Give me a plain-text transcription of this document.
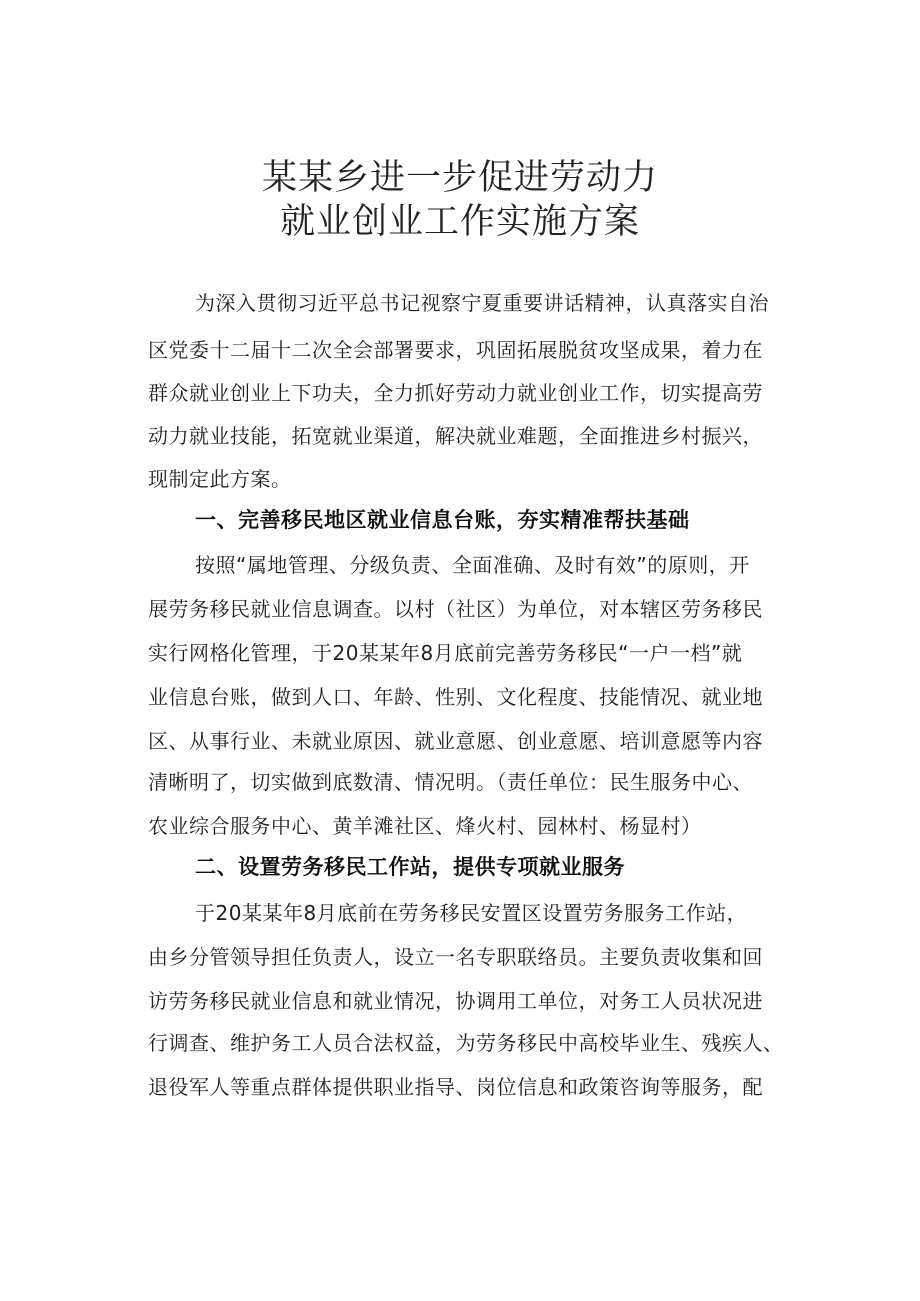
某某乡进一步促进劳动力
就业创业工作实施方案
为深入贯彻习近平总书记视察宁夏重要讲话精神，认真落实自治
区党委十二届十二次全会部署要求，巩固拓展脱贫攻坚成果，着力在
群众就业创业上下功夫，全力抓好劳动力就业创业工作，切实提高劳
动力就业技能，拓宽就业渠道，解决就业难题，全面推进乡村振兴，
现制定此方案。
一、完善移民地区就业信息台账，夯实精准帮扶基础
按照“属地管理、分级负责、全面准确、及时有效”的原则，开
展劳务移民就业信息调查。以村（社区）为单位，对本辖区劳务移民
实行网格化管理，于20某某年8月底前完善劳务移民“一户一档”就
业信息台账，做到人口、年龄、性别、文化程度、技能情况、就业地
区、从事行业、未就业原因、就业意愿、创业意愿、培训意愿等内容
清晰明了，切实做到底数清、情况明。（责任单位：民生服务中心、
农业综合服务中心、黄羊滩社区、烽火村、园林村、杨显村）
二、设置劳务移民工作站，提供专项就业服务
于20某某年8月底前在劳务移民安置区设置劳务服务工作站，
由乡分管领导担任负责人，设立一名专职联络员。主要负责收集和回
访劳务移民就业信息和就业情况，协调用工单位，对务工人员状况进
行调查、维护务工人员合法权益，为劳务移民中高校毕业生、残疾人、
退役军人等重点群体提供职业指导、岗位信息和政策咨询等服务，配
